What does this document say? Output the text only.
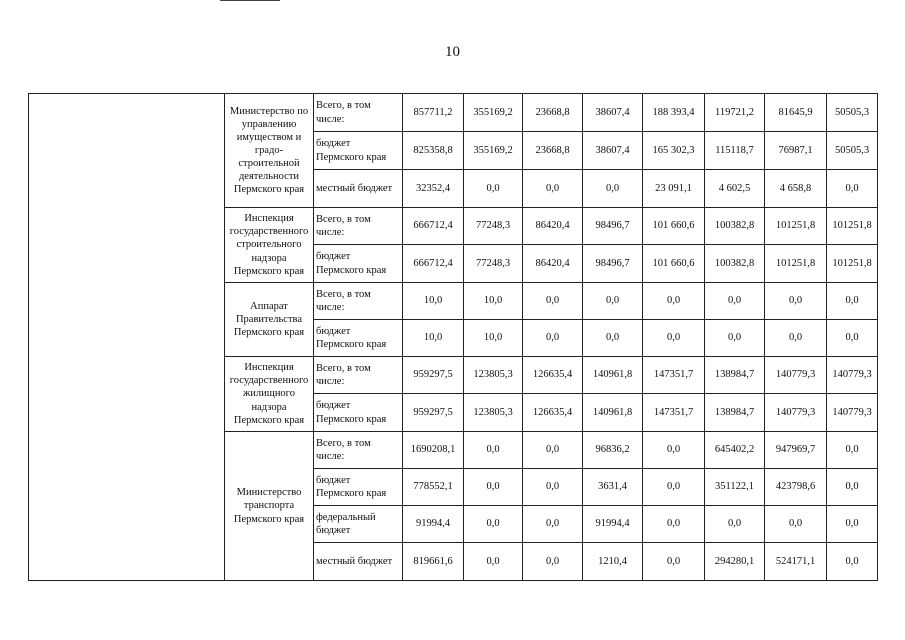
10
	Министерство по управлению имуществом и градо-строительной деятельности Пермского края	Всего, в том числе:	857711,2	355169,2	23668,8	38607,4	188 393,4	119721,2	81645,9	50505,3
		бюджет Пермского края	825358,8	355169,2	23668,8	38607,4	165 302,3	115118,7	76987,1	50505,3
		местный бюджет	32352,4	0,0	0,0	0,0	23 091,1	4 602,5	4 658,8	0,0
	Инспекция государственного строительного надзора Пермского края	Всего, в том числе:	666712,4	77248,3	86420,4	98496,7	101 660,6	100382,8	101251,8	101251,8
		бюджет Пермского края	666712,4	77248,3	86420,4	98496,7	101 660,6	100382,8	101251,8	101251,8
	Аппарат Правительства Пермского края	Всего, в том числе:	10,0	10,0	0,0	0,0	0,0	0,0	0,0	0,0
		бюджет Пермского края	10,0	10,0	0,0	0,0	0,0	0,0	0,0	0,0
	Инспекция государственного жилищного надзора Пермского края	Всего, в том числе:	959297,5	123805,3	126635,4	140961,8	147351,7	138984,7	140779,3	140779,3
		бюджет Пермского края	959297,5	123805,3	126635,4	140961,8	147351,7	138984,7	140779,3	140779,3
	Министерство транспорта Пермского края	Всего, в том числе:	1690208,1	0,0	0,0	96836,2	0,0	645402,2	947969,7	0,0
		бюджет Пермского края	778552,1	0,0	0,0	3631,4	0,0	351122,1	423798,6	0,0
		федеральный бюджет	91994,4	0,0	0,0	91994,4	0,0	0,0	0,0	0,0
		местный бюджет	819661,6	0,0	0,0	1210,4	0,0	294280,1	524171,1	0,0
